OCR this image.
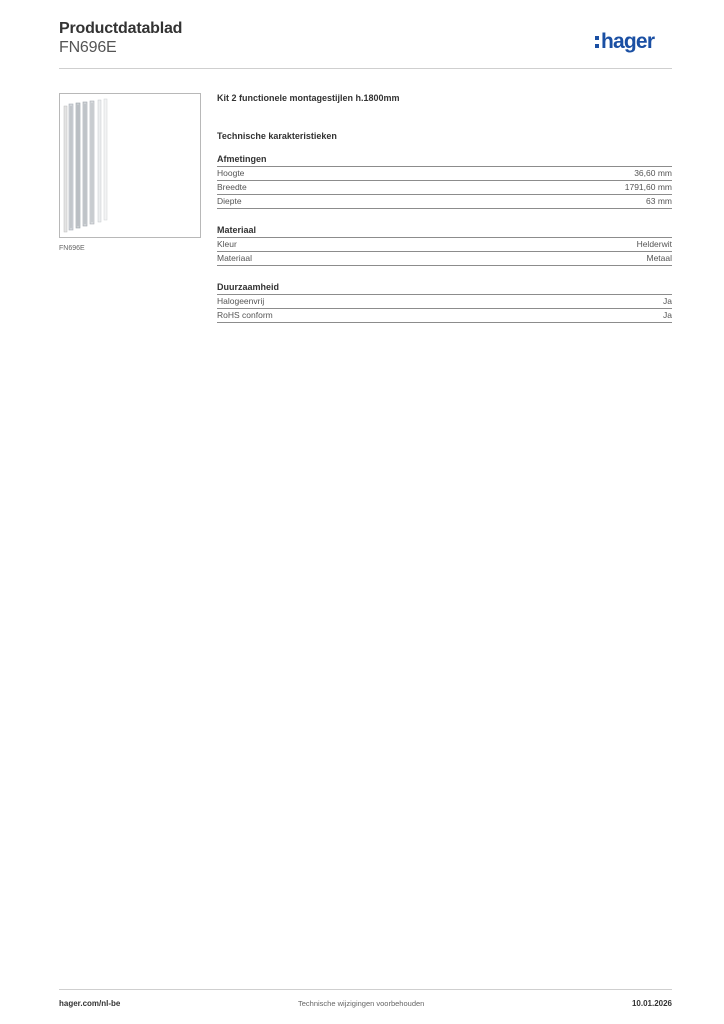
Productdatablad
FN696E	hager
FN696E
Kit 2 functionele montagestijlen h.1800mm
Technische karakteristieken
Afmetingen
Hoogte	36,60 mm
Breedte	1791,60 mm
Diepte	63 mm
Materiaal
Kleur	Helderwit
Materiaal	Metaal
Duurzaamheid
Halogeenvrij	Ja
RoHS conform	Ja
hager.com/nl-be	Technische wijzigingen voorbehouden	10.01.2026
